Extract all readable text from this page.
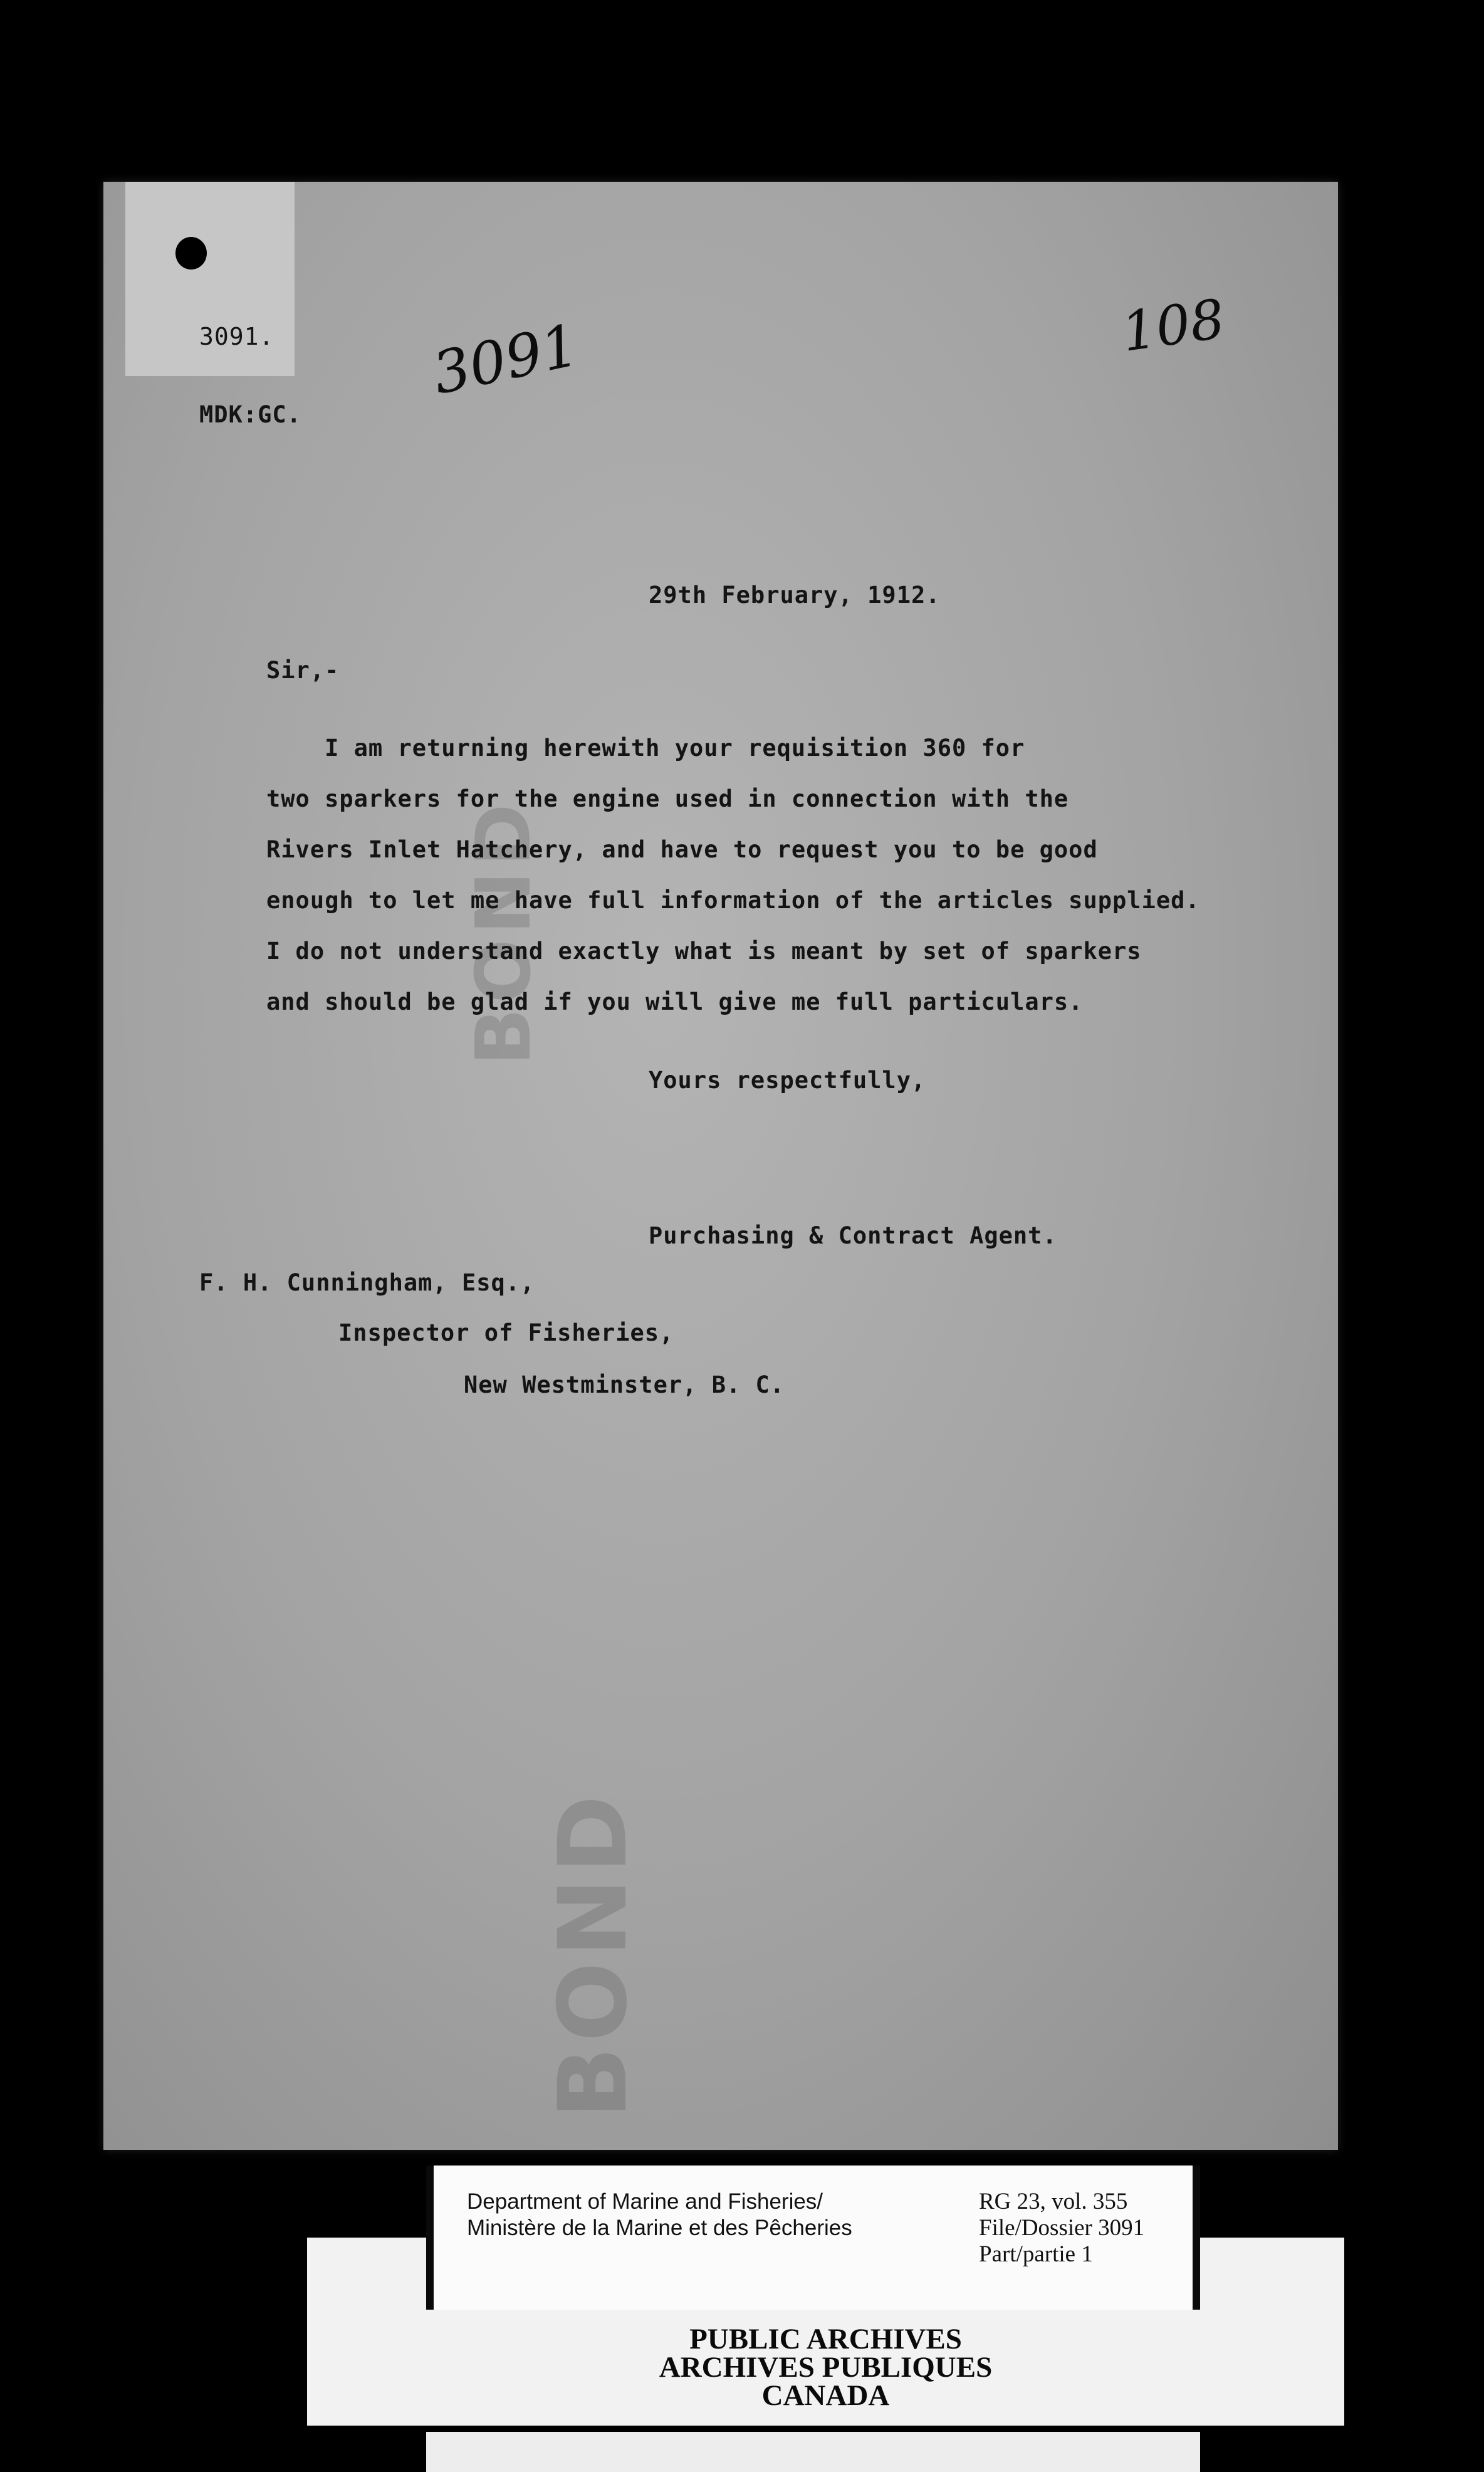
BOND
BOND
3091.
MDK:GC.
3091	108
29th February, 1912.
Sir,-
I am returning herewith your requisition 360 for
two sparkers for the engine used in connection with the
Rivers Inlet Hatchery, and have to request you to be good
enough to let me have full information of the articles supplied.
I do not understand exactly what is meant by set of sparkers
and should be glad if you will give me full particulars.
Yours respectfully,
Purchasing & Contract Agent.
F. H. Cunningham, Esq.,
Inspector of Fisheries,
New Westminster, B. C.
PUBLIC ARCHIVES
ARCHIVES PUBLIQUES
CANADA
Department of Marine and Fisheries/
Ministère de la Marine et des Pêcheries
RG 23, vol. 355
File/Dossier 3091
Part/partie 1
